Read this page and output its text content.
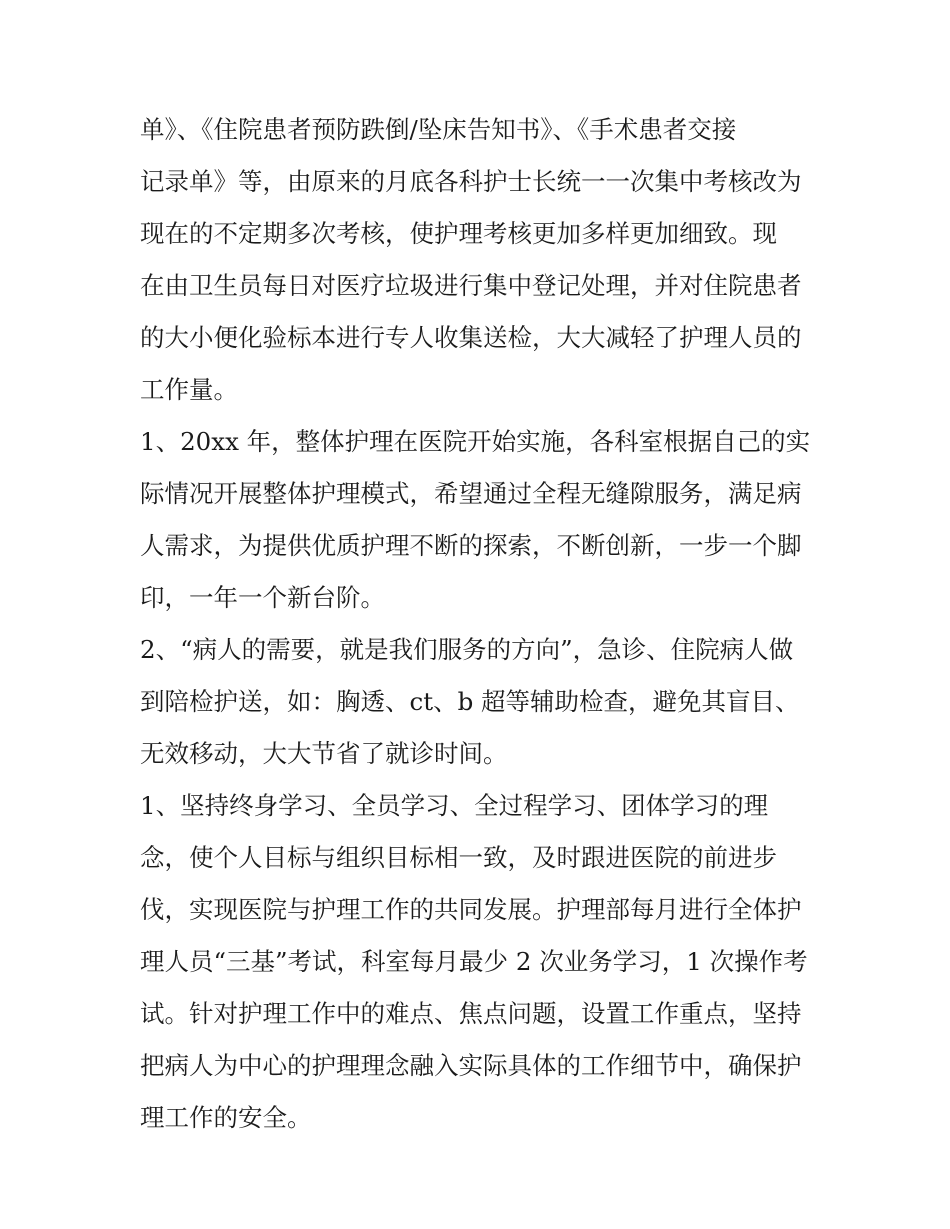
单》、《住院患者预防跌倒/坠床告知书》、《手术患者交接
记录单》等，由原来的月底各科护士长统一一次集中考核改为
现在的不定期多次考核，使护理考核更加多样更加细致。现
在由卫生员每日对医疗垃圾进行集中登记处理，并对住院患者
的大小便化验标本进行专人收集送检，大大减轻了护理人员的
工作量。
1、20xx 年，整体护理在医院开始实施，各科室根据自己的实
际情况开展整体护理模式，希望通过全程无缝隙服务，满足病
人需求，为提供优质护理不断的探索，不断创新，一步一个脚
印，一年一个新台阶。
2、“病人的需要，就是我们服务的方向”，急诊、住院病人做
到陪检护送，如：胸透、ct、b 超等辅助检查，避免其盲目、
无效移动，大大节省了就诊时间。
1、坚持终身学习、全员学习、全过程学习、团体学习的理
念，使个人目标与组织目标相一致，及时跟进医院的前进步
伐，实现医院与护理工作的共同发展。护理部每月进行全体护
理人员“三基”考试，科室每月最少 2 次业务学习，1 次操作考
试。针对护理工作中的难点、焦点问题，设置工作重点，坚持
把病人为中心的护理理念融入实际具体的工作细节中，确保护
理工作的安全。
